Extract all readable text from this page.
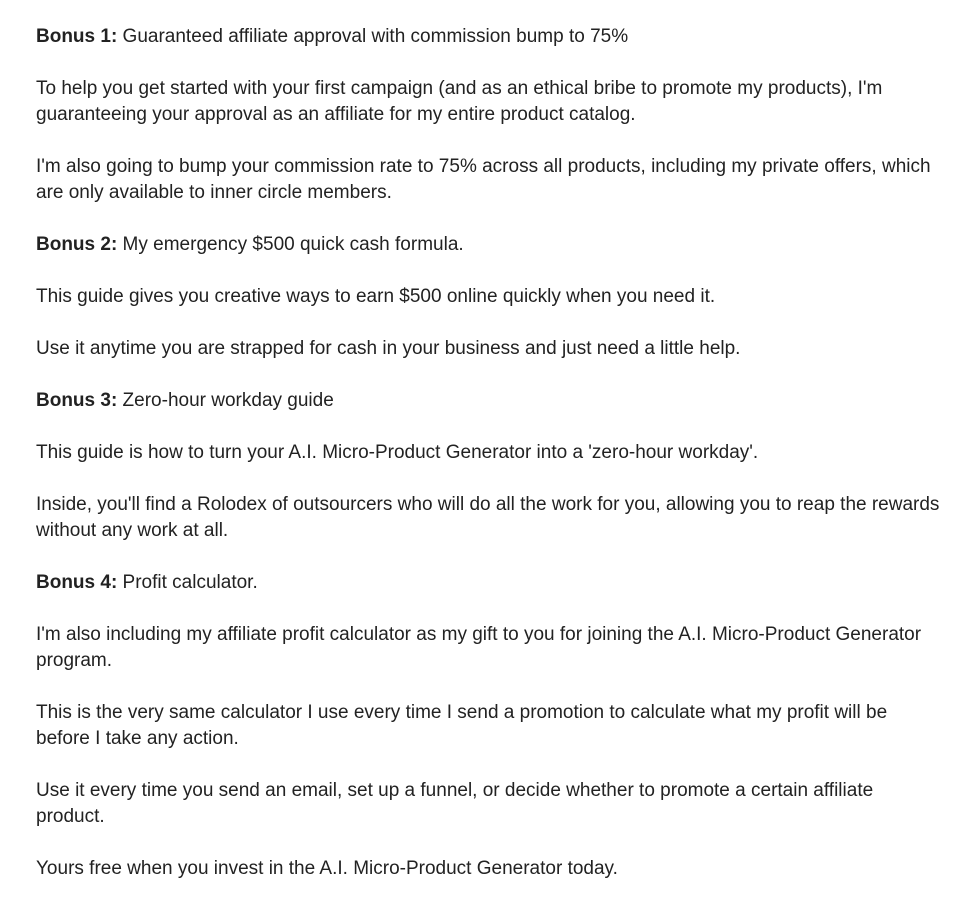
Bonus 1: Guaranteed affiliate approval with commission bump to 75%

To help you get started with your first campaign (and as an ethical bribe to promote my products), I'm guaranteeing your approval as an affiliate for my entire product catalog.

I'm also going to bump your commission rate to 75% across all products, including my private offers, which are only available to inner circle members.

Bonus 2: My emergency $500 quick cash formula.

This guide gives you creative ways to earn $500 online quickly when you need it.

Use it anytime you are strapped for cash in your business and just need a little help.

Bonus 3: Zero-hour workday guide

This guide is how to turn your A.I. Micro-Product Generator into a 'zero-hour workday'.

Inside, you'll find a Rolodex of outsourcers who will do all the work for you, allowing you to reap the rewards without any work at all.

Bonus 4: Profit calculator.

I'm also including my affiliate profit calculator as my gift to you for joining the A.I. Micro-Product Generator program.

This is the very same calculator I use every time I send a promotion to calculate what my profit will be before I take any action.

Use it every time you send an email, set up a funnel, or decide whether to promote a certain affiliate product.

Yours free when you invest in the A.I. Micro-Product Generator today.
